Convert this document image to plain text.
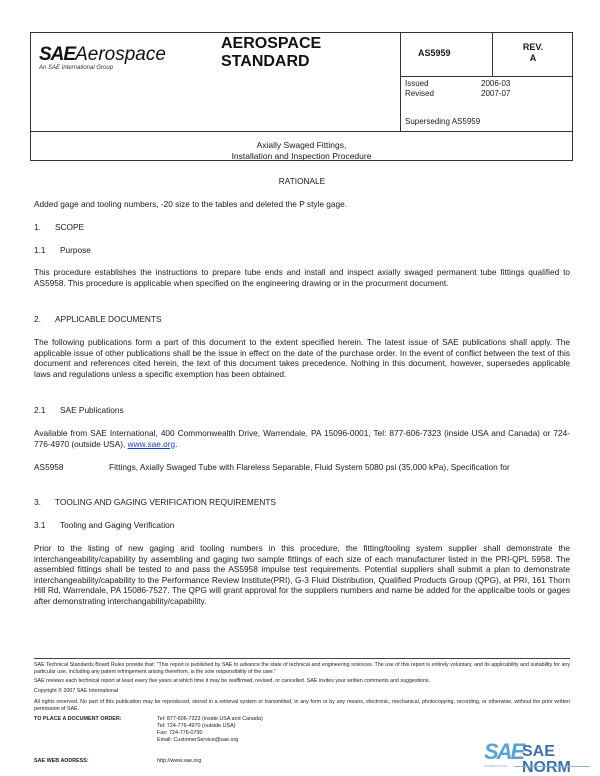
SAEAerospace
An SAE International Group
AEROSPACE
STANDARD	AS5959
REV.
A
Issued	2006-03
Revised	2007-07
Superseding AS5959
Axially Swaged Fittings,
Installation and Inspection Procedure
RATIONALE
Added gage and tooling numbers, -20 size to the tables and deleted the P style gage.
1. SCOPE
1.1 Purpose
This procedure establishes the instructions to prepare tube ends and install and inspect axially swaged permanent tube fittings qualified to AS5958. This procedure is applicable when specified on the engineering drawing or in the procurment document.
2. APPLICABLE DOCUMENTS
The following publications form a part of this document to the extent specified herein. The latest issue of SAE publications shall apply. The applicable issue of other publications shall be the issue in effect on the date of the purchase order. In the event of conflict between the text of this document and references cited herein, the text of this document takes precedence. Nothing in this document, however, supersedes applicable laws and regulations unless a specific exemption has been obtained.
2.1 SAE Publications
Available from SAE International, 400 Commonwealth Drive, Warrendale, PA 15096-0001, Tel: 877-606-7323 (inside USA and Canada) or 724-776-4970 (outside USA), www.sae.org.
AS5958	Fittings, Axially Swaged Tube with Flareless Separable, Fluid System 5080 psi (35,000 kPa), Specification for
3. TOOLING AND GAGING VERIFICATION REQUIREMENTS
3.1 Tooling and Gaging Verification
Prior to the listing of new gaging and tooling numbers in this procedure, the fitting/tooling system supplier shall demonstrate the interchangeability/capability by assembling and gaging two sample fittings of each size of each manufacturer listed in the PRI-QPL 5958. The assembled fittings shall be tested to and pass the AS5958 impulse test requirements. Potential suppliers shall submit a plan to demonstrate interchangeability/capability to the Performance Review Institute(PRI), G-3 Fluid Distribution, Qualified Products Group (QPG), at PRI, 161 Thorn Hill Rd, Warrendale, PA 15086-7527. The QPG will grant approval for the suppliers numbers and name be added for the applicalbe tools or gages after demonstrating interchangability/capability.
SAE Technical Standards Board Rules provide that: "This report is published by SAE to advance the state of technical and engineering sciences. The use of this report is entirely voluntary, and its applicability and suitability for any particular use, including any patent infringement arising therefrom, is the sole responsibility of the user."
SAE reviews each technical report at least every five years at which time it may be reaffirmed, revised, or cancelled. SAE invites your written comments and suggestions.
Copyright © 2007 SAE International
All rights reserved. No part of this publication may be reproduced, stored in a retrieval system or transmitted, in any form or by any means, electronic, mechanical, photocopying, recording, or otherwise, without the prior written permission of SAE.
TO PLACE A DOCUMENT ORDER:	Tel: 877-606-7323 (inside USA and Canada)
Tel: 724-776-4970 (outside USA)
Fax: 724-776-0790
Email: CustomerService@sae.org
SAE WEB ADDRESS:	http://www.sae.org	SAE
SAE NORM
INTERNATIONAL
